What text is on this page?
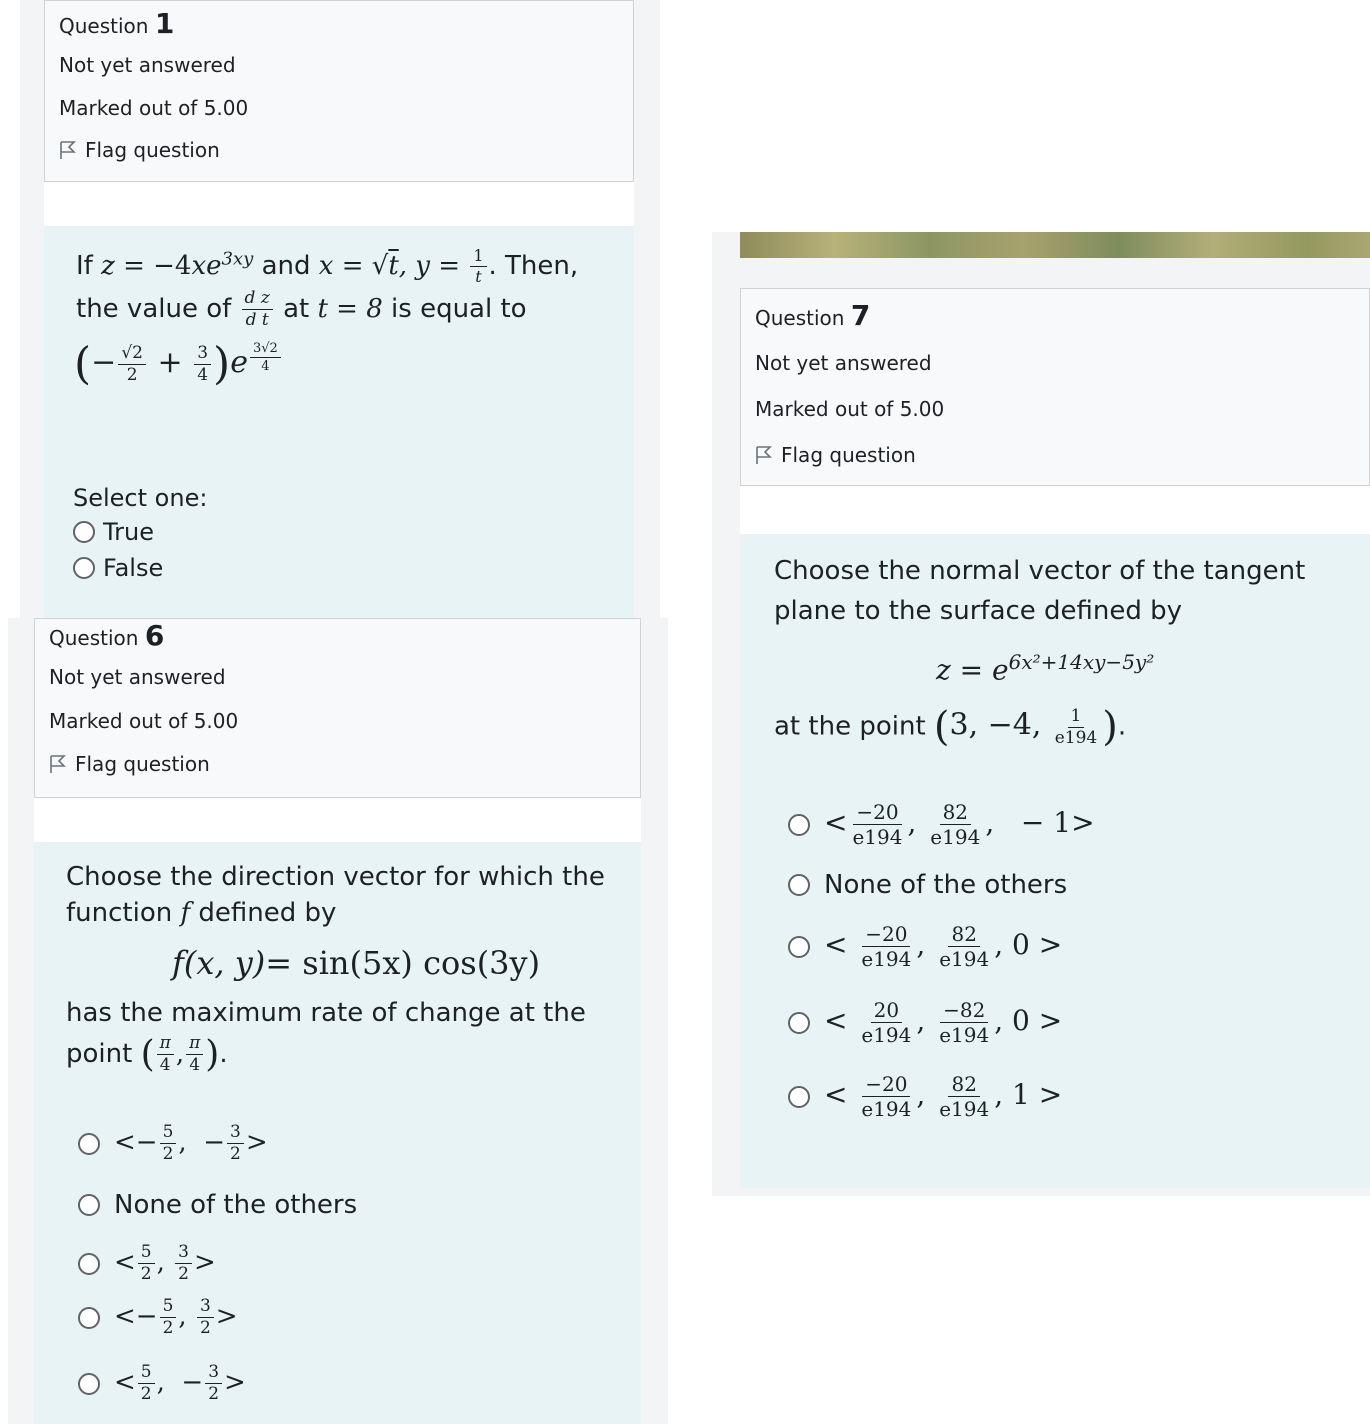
Question 1
Not yet answered
Marked out of 5.00
Flag question
If $z = -4xe^{3xy}$ and x = √t, $y = \frac{1}{t}$ . Then,
the value of $\frac{\text{d z}}{\text{d t}}$ at t = 8 is equal to
(− $\frac{√2}{2} + \frac{3}{4} )e$ $^{\frac{3√2}{4}}$
Select one:
True
False
Question 6
Not yet answered
Marked out of 5.00
Flag question
Choose the direction vector for which the
function f defined by
f(x, y)= sin(5x) cos(3y)
has the maximum rate of change at the
point ( $\frac{\pi}{4}$ , $\frac{\pi}{4}$ ).
<− $\frac{5}{2}$ ,  − $\frac{3}{2}$ >
None of the others
< $\frac{5}{2}$ , $\frac{3}{2}$ >
<− $\frac{5}{2}$ , $\frac{3}{2}$ >
< $\frac{5}{2}$ ,  − $\frac{3}{2}$ >
Question 7
Not yet answered
Marked out of 5.00
Flag question
Choose the normal vector of the tangent
plane to the surface defined by
$z = e^{6x^2+14xy-5y^2}$
at the point (3, −4, $\frac{1}{e194}$ ).
< $\frac{-20}{e194}$ , $\frac{82}{e194}$ ,   − 1>
None of the others
< $\frac{-20}{e194}$ , $\frac{82}{e194}$ , 0 >
< $\frac{20}{e194}$ , $\frac{-82}{e194}$ , 0 >
< $\frac{-20}{e194}$ , $\frac{82}{e194}$ , 1 >
